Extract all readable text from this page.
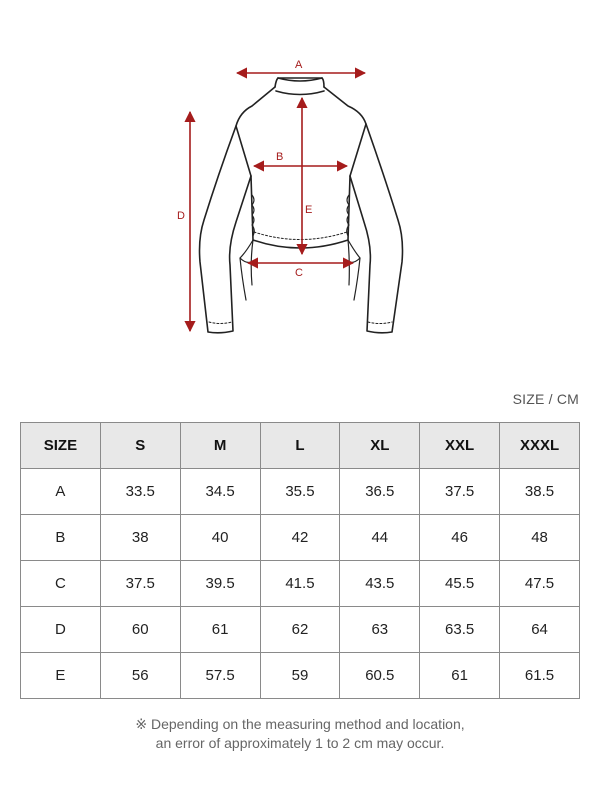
A
B
C
D	E
SIZE / CM
SIZE	S	M	L	XL	XXL	XXXL
A	33.5	34.5	35.5	36.5	37.5	38.5
B	38	40	42	44	46	48
C	37.5	39.5	41.5	43.5	45.5	47.5
D	60	61	62	63	63.5	64
E	56	57.5	59	60.5	61	61.5
※ Depending on the measuring method and location,
an error of approximately 1 to 2 cm may occur.
